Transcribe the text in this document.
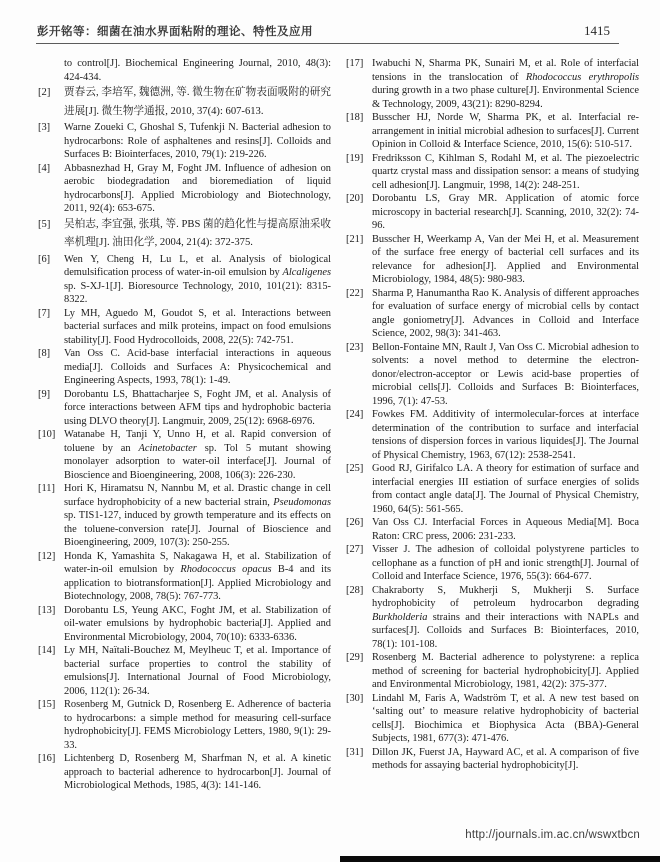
彭开铭等：细菌在油水界面粘附的理论、特性及应用	1415
to control[J]. Biochemical Engineering Journal, 2010, 48(3): 424-434.
[2] 贾春云, 李培军, 魏德洲, 等. 微生物在矿物表面吸附的研究进展[J]. 微生物学通报, 2010, 37(4): 607-613.
[3] Warne Zoueki C, Ghoshal S, Tufenkji N. Bacterial adhesion to hydrocarbons: Role of asphaltenes and resins[J]. Colloids and Surfaces B: Biointerfaces, 2010, 79(1): 219-226.
[4] Abbasnezhad H, Gray M, Foght JM. Influence of adhesion on aerobic biodegradation and bioremediation of liquid hydrocarbons[J]. Applied Microbiology and Biotechnology, 2011, 92(4): 653-675.
[5] 吴柏志, 李宜强, 张琪, 等. PBS 菌的趋化性与提高原油采收率机理[J]. 油田化学, 2004, 21(4): 372-375.
[6] Wen Y, Cheng H, Lu L, et al. Analysis of biological demulsification process of water-in-oil emulsion by Alcaligenes sp. S-XJ-1[J]. Bioresource Technology, 2010, 101(21): 8315-8322.
[7] Ly MH, Aguedo M, Goudot S, et al. Interactions between bacterial surfaces and milk proteins, impact on food emulsions stability[J]. Food Hydrocolloids, 2008, 22(5): 742-751.
[8] Van Oss C. Acid-base interfacial interactions in aqueous media[J]. Colloids and Surfaces A: Physicochemical and Engineering Aspects, 1993, 78(1): 1-49.
[9] Dorobantu LS, Bhattacharjee S, Foght JM, et al. Analysis of force interactions between AFM tips and hydrophobic bacteria using DLVO theory[J]. Langmuir, 2009, 25(12): 6968-6976.
[10] Watanabe H, Tanji Y, Unno H, et al. Rapid conversion of toluene by an Acinetobacter sp. Tol 5 mutant showing monolayer adsorption to water-oil interface[J]. Journal of Bioscience and Bioengineering, 2008, 106(3): 226-230.
[11] Hori K, Hiramatsu N, Nannbu M, et al. Drastic change in cell surface hydrophobicity of a new bacterial strain, Pseudomonas sp. TIS1-127, induced by growth temperature and its effects on the toluene-conversion rate[J]. Journal of Bioscience and Bioengineering, 2009, 107(3): 250-255.
[12] Honda K, Yamashita S, Nakagawa H, et al. Stabilization of water-in-oil emulsion by Rhodococcus opacus B-4 and its application to biotransformation[J]. Applied Microbiology and Biotechnology, 2008, 78(5): 767-773.
[13] Dorobantu LS, Yeung AKC, Foght JM, et al. Stabilization of oil-water emulsions by hydrophobic bacteria[J]. Applied and Environmental Microbiology, 2004, 70(10): 6333-6336.
[14] Ly MH, Naïtali-Bouchez M, Meylheuc T, et al. Importance of bacterial surface properties to control the stability of emulsions[J]. International Journal of Food Microbiology, 2006, 112(1): 26-34.
[15] Rosenberg M, Gutnick D, Rosenberg E. Adherence of bacteria to hydrocarbons: a simple method for measuring cell-surface hydrophobicity[J]. FEMS Microbiology Letters, 1980, 9(1): 29-33.
[16] Lichtenberg D, Rosenberg M, Sharfman N, et al. A kinetic approach to bacterial adherence to hydrocarbon[J]. Journal of Microbiological Methods, 1985, 4(3): 141-146.
[17] Iwabuchi N, Sharma PK, Sunairi M, et al. Role of interfacial tensions in the translocation of Rhodococcus erythropolis during growth in a two phase culture[J]. Environmental Science & Technology, 2009, 43(21): 8290-8294.
[18] Busscher HJ, Norde W, Sharma PK, et al. Interfacial re-arrangement in initial microbial adhesion to surfaces[J]. Current Opinion in Colloid & Interface Science, 2010, 15(6): 510-517.
[19] Fredriksson C, Kihlman S, Rodahl M, et al. The piezoelectric quartz crystal mass and dissipation sensor: a means of studying cell adhesion[J]. Langmuir, 1998, 14(2): 248-251.
[20] Dorobantu LS, Gray MR. Application of atomic force microscopy in bacterial research[J]. Scanning, 2010, 32(2): 74-96.
[21] Busscher H, Weerkamp A, Van der Mei H, et al. Measurement of the surface free energy of bacterial cell surfaces and its relevance for adhesion[J]. Applied and Environmental Microbiology, 1984, 48(5): 980-983.
[22] Sharma P, Hanumantha Rao K. Analysis of different approaches for evaluation of surface energy of microbial cells by contact angle goniometry[J]. Advances in Colloid and Interface Science, 2002, 98(3): 341-463.
[23] Bellon-Fontaine MN, Rault J, Van Oss C. Microbial adhesion to solvents: a novel method to determine the electron-donor/electron-acceptor or Lewis acid-base properties of microbial cells[J]. Colloids and Surfaces B: Biointerfaces, 1996, 7(1): 47-53.
[24] Fowkes FM. Additivity of intermolecular-forces at interface determination of the contribution to surface and interfacial tensions of dispersion forces in various liquides[J]. The Journal of Physical Chemistry, 1963, 67(12): 2538-2541.
[25] Good RJ, Girifalco LA. A theory for estimation of surface and interfacial energies III estiation of surface energies of solids from contact angle data[J]. The Journal of Physical Chemistry, 1960, 64(5): 561-565.
[26] Van Oss CJ. Interfacial Forces in Aqueous Media[M]. Boca Raton: CRC press, 2006: 231-233.
[27] Visser J. The adhesion of colloidal polystyrene particles to cellophane as a function of pH and ionic strength[J]. Journal of Colloid and Interface Science, 1976, 55(3): 664-677.
[28] Chakraborty S, Mukherji S, Mukherji S. Surface hydrophobicity of petroleum hydrocarbon degrading Burkholderia strains and their interactions with NAPLs and surfaces[J]. Colloids and Surfaces B: Biointerfaces, 2010, 78(1): 101-108.
[29] Rosenberg M. Bacterial adherence to polystyrene: a replica method of screening for bacterial hydrophobicity[J]. Applied and Environmental Microbiology, 1981, 42(2): 375-377.
[30] Lindahl M, Faris A, Wadström T, et al. A new test based on ‘salting out’ to measure relative hydrophobicity of bacterial cells[J]. Biochimica et Biophysica Acta (BBA)-General Subjects, 1981, 677(3): 471-476.
[31] Dillon JK, Fuerst JA, Hayward AC, et al. A comparison of five methods for assaying bacterial hydrophobicity[J].
http://journals.im.ac.cn/wswxtbcn
